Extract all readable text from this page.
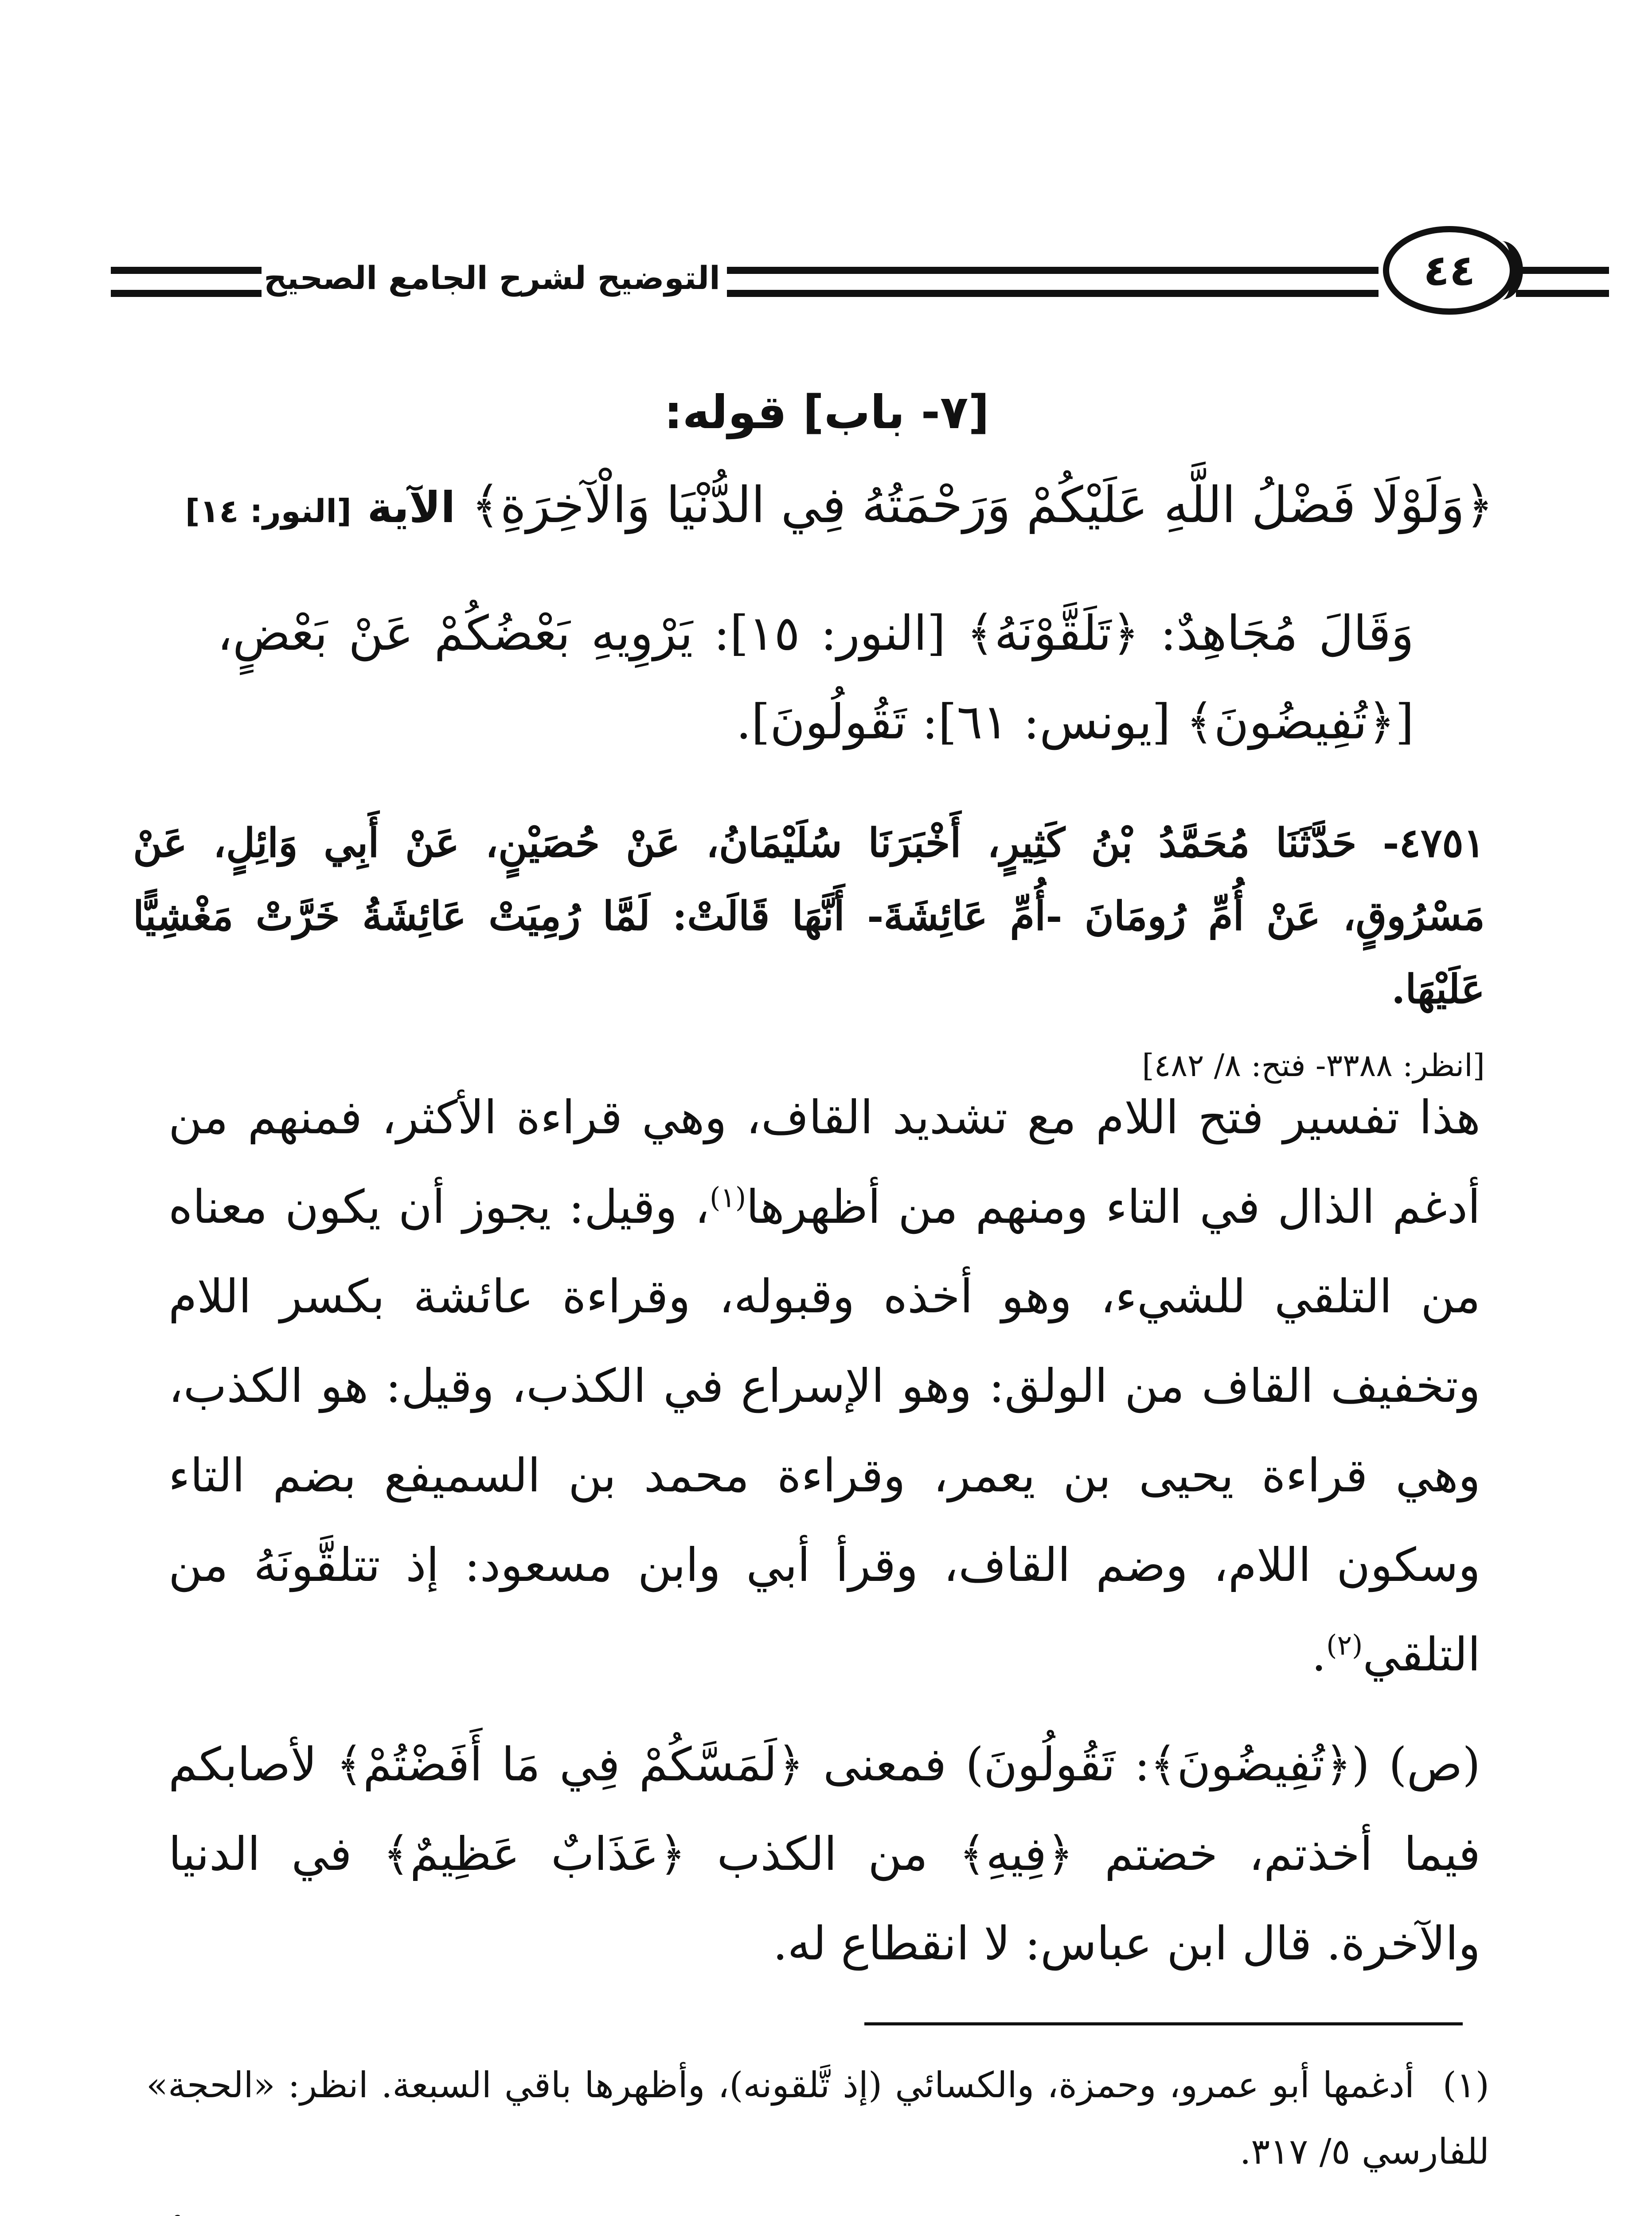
التوضيح لشرح الجامع الصحيح	٤٤
[٧- باب] قوله:
﴿وَلَوْلَا فَضْلُ اللَّهِ عَلَيْكُمْ وَرَحْمَتُهُ فِي الدُّنْيَا وَالْآخِرَةِ﴾ الآية [النور: ١٤]
وَقَالَ مُجَاهِدٌ: ﴿تَلَقَّوْنَهُ﴾ [النور: ١٥]: يَرْوِيهِ بَعْضُكُمْ عَنْ بَعْضٍ، [﴿تُفِيضُونَ﴾ [يونس: ٦١]: تَقُولُونَ].
٤٧٥١- حَدَّثَنَا مُحَمَّدُ بْنُ كَثِيرٍ، أَخْبَرَنَا سُلَيْمَانُ، عَنْ حُصَيْنٍ، عَنْ أَبِي وَائِلٍ، عَنْ مَسْرُوقٍ، عَنْ أُمِّ رُومَانَ -أُمِّ عَائِشَةَ- أَنَّهَا قَالَتْ: لَمَّا رُمِيَتْ عَائِشَةُ خَرَّتْ مَغْشِيًّا عَلَيْهَا.
[انظر: ٣٣٨٨- فتح: ٨/ ٤٨٢]
هذا تفسير فتح اللام مع تشديد القاف، وهي قراءة الأكثر، فمنهم من أدغم الذال في التاء ومنهم من أظهرها$^{(١)}$، وقيل: يجوز أن يكون معناه من التلقي للشيء، وهو أخذه وقبوله، وقراءة عائشة بكسر اللام وتخفيف القاف من الولق: وهو الإسراع في الكذب، وقيل: هو الكذب، وهي قراءة يحيى بن يعمر، وقراءة محمد بن السميفع بضم التاء وسكون اللام، وضم القاف، وقرأ أبي وابن مسعود: إذ تتلقَّونَهُ من التلقي$^{(٢)}$.
(ص) (﴿تُفِيضُونَ﴾: تَقُولُونَ) فمعنى ﴿لَمَسَّكُمْ فِي مَا أَفَضْتُمْ﴾ لأصابكم فيما أخذتم، خضتم ﴿فِيهِ﴾ من الكذب ﴿عَذَابٌ عَظِيمٌ﴾ في الدنيا والآخرة. قال ابن عباس: لا انقطاع له.
(١) أدغمها أبو عمرو، وحمزة، والكسائي (إذ تَّلقونه)، وأظهرها باقي السبعة. انظر: «الحجة» للفارسي ٥/ ٣١٧.
